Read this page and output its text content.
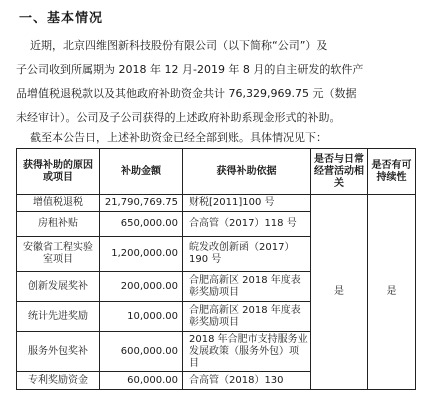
一、基本情况
近期，北京四维图新科技股份有限公司（以下简称“公司”）及
子公司收到所属期为 2018 年 12 月-2019 年 8 月的自主研发的软件产
品增值税退税款以及其他政府补助资金共计 76,329,969.75 元（数据
未经审计）。公司及子公司获得的上述政府补助系现金形式的补助。
截至本公告日，上述补助资金已经全部到账。具体情况见下：
获得补助的原因或项目	补助金额	获得补助依据	是否与日常经营活动相关	是否有可持续性
增值税退税	21,790,769.75	财税[2011]100 号	是	是
房租补贴	650,000.00	合高管（2017）118 号		
安徽省工程实验室项目	1,200,000.00	皖发改创新函（2017）190 号		
创新发展奖补	200,000.00	合肥高新区 2018 年度表彰奖励项目		
统计先进奖励	10,000.00	合肥高新区 2018 年度表彰奖励项目		
服务外包奖补	600,000.00	2018 年合肥市支持服务业发展政策（服务外包）项目		
专利奖励资金	60,000.00	合高管（2018）130		
